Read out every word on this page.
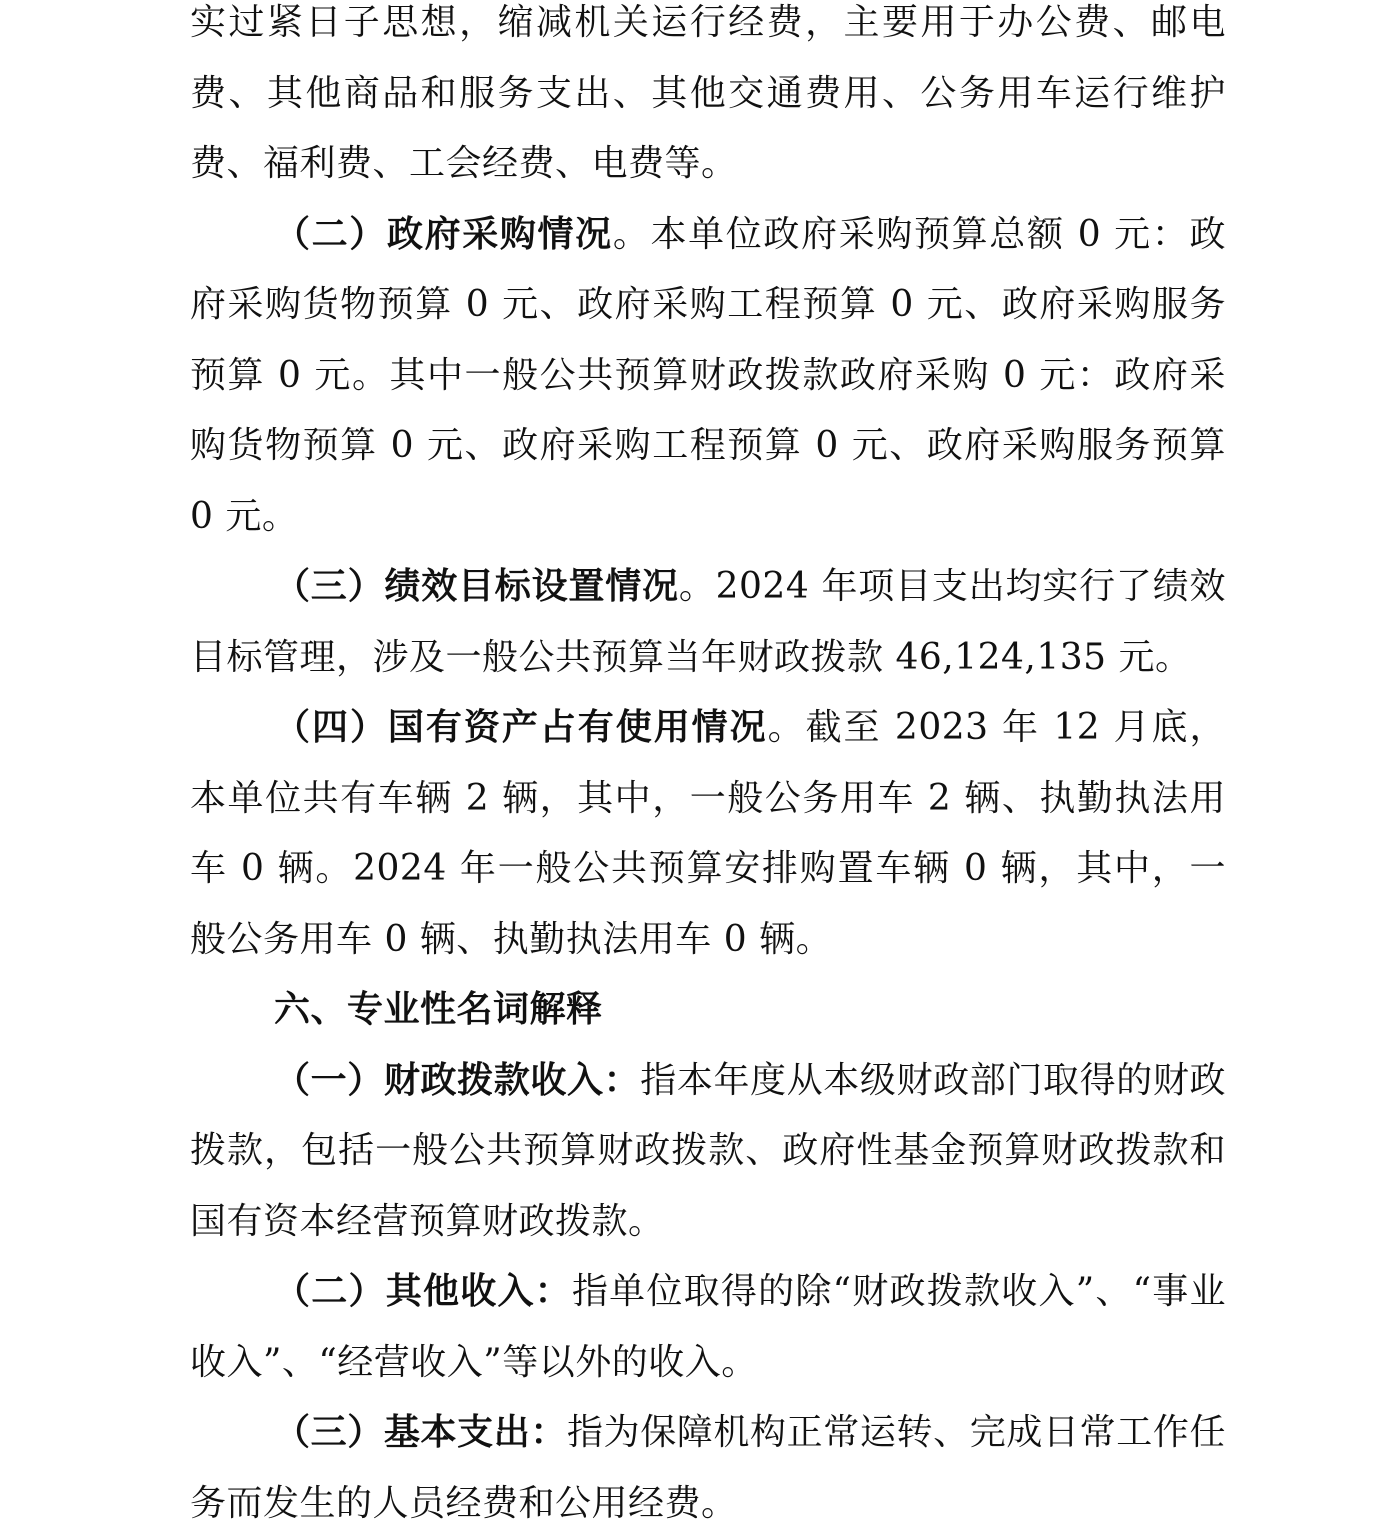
实过紧日子思想，缩减机关运行经费，主要用于办公费、邮电费、其他商品和服务支出、其他交通费用、公务用车运行维护费、福利费、工会经费、电费等。

（二）政府采购情况。本单位政府采购预算总额 0 元：政府采购货物预算 0 元、政府采购工程预算 0 元、政府采购服务预算 0 元。其中一般公共预算财政拨款政府采购 0 元：政府采购货物预算 0 元、政府采购工程预算 0 元、政府采购服务预算 0 元。

（三）绩效目标设置情况。2024 年项目支出均实行了绩效目标管理，涉及一般公共预算当年财政拨款 46,124,135 元。

（四）国有资产占有使用情况。截至 2023 年 12 月底，本单位共有车辆 2 辆，其中，一般公务用车 2 辆、执勤执法用车 0 辆。2024 年一般公共预算安排购置车辆 0 辆，其中，一般公务用车 0 辆、执勤执法用车 0 辆。

六、专业性名词解释

（一）财政拨款收入：指本年度从本级财政部门取得的财政拨款，包括一般公共预算财政拨款、政府性基金预算财政拨款和国有资本经营预算财政拨款。

（二）其他收入：指单位取得的除“财政拨款收入”、“事业收入”、“经营收入”等以外的收入。

（三）基本支出：指为保障机构正常运转、完成日常工作任务而发生的人员经费和公用经费。
